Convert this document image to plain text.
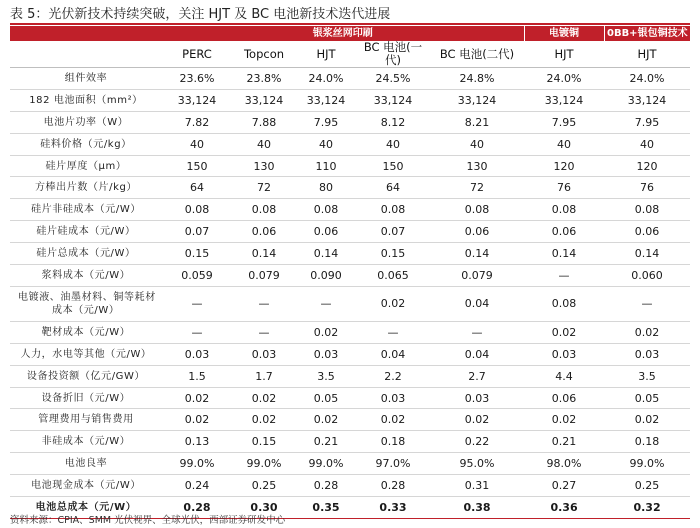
表 5：光伏新技术持续突破，关注 HJT 及 BC 电池新技术迭代进展
	银浆丝网印刷					电镀铜	0BB+银包铜技术
	PERC	Topcon	HJT	BC 电池(一代)	BC 电池(二代)	HJT	HJT
组件效率	23.6%	23.8%	24.0%	24.5%	24.8%	24.0%	24.0%
182 电池面积（mm²）	33,124	33,124	33,124	33,124	33,124	33,124	33,124
电池片功率（W）	7.82	7.88	7.95	8.12	8.21	7.95	7.95
硅料价格（元/kg）	40	40	40	40	40	40	40
硅片厚度（μm）	150	130	110	150	130	120	120
方棒出片数（片/kg）	64	72	80	64	72	76	76
硅片非硅成本（元/W）	0.08	0.08	0.08	0.08	0.08	0.08	0.08
硅片硅成本（元/W）	0.07	0.06	0.06	0.07	0.06	0.06	0.06
硅片总成本（元/W）	0.15	0.14	0.14	0.15	0.14	0.14	0.14
浆料成本（元/W）	0.059	0.079	0.090	0.065	0.079	—	0.060
电镀液、油墨材料、铜等耗材
成本（元/W）	—	—	—	0.02	0.04	0.08	—
靶材成本（元/W）	—	—	0.02	—	—	0.02	0.02
人力，水电等其他（元/W）	0.03	0.03	0.03	0.04	0.04	0.03	0.03
设备投资额（亿元/GW）	1.5	1.7	3.5	2.2	2.7	4.4	3.5
设备折旧（元/W）	0.02	0.02	0.05	0.03	0.03	0.06	0.05
管理费用与销售费用	0.02	0.02	0.02	0.02	0.02	0.02	0.02
非硅成本（元/W）	0.13	0.15	0.21	0.18	0.22	0.21	0.18
电池良率	99.0%	99.0%	99.0%	97.0%	95.0%	98.0%	99.0%
电池现金成本（元/W）	0.24	0.25	0.28	0.28	0.31	0.27	0.25
电池总成本（元/W）	0.28	0.30	0.35	0.33	0.38	0.36	0.32
资料来源：CPIA、SMM 光伏视界、全球光伏，西部证券研发中心
